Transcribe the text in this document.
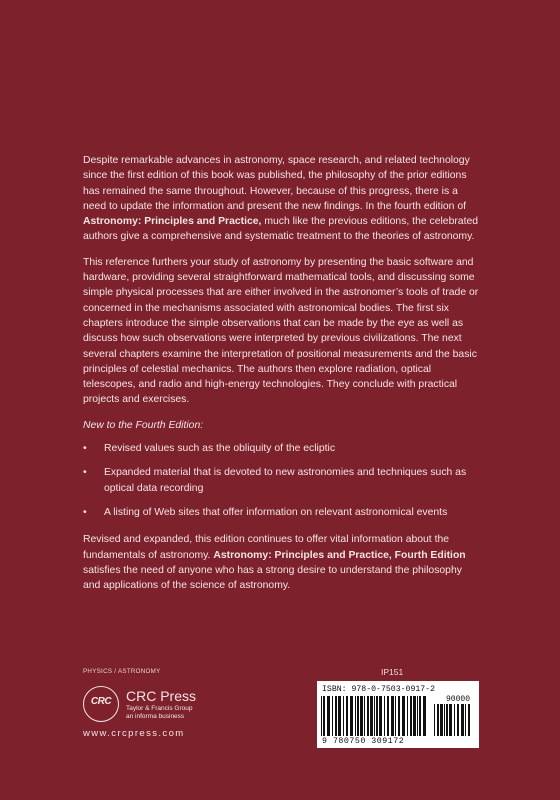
Despite remarkable advances in astronomy, space research, and related technology since the first edition of this book was published, the philosophy of the prior editions has remained the same throughout. However, because of this progress, there is a need to update the information and present the new findings. In the fourth edition of Astronomy: Principles and Practice, much like the previous editions, the celebrated authors give a comprehensive and systematic treatment to the theories of astronomy.

This reference furthers your study of astronomy by presenting the basic software and hardware, providing several straightforward mathematical tools, and discussing some simple physical processes that are either involved in the astronomer’s tools of trade or concerned in the mechanisms associated with astronomical bodies. The first six chapters introduce the simple observations that can be made by the eye as well as discuss how such observations were interpreted by previous civilizations. The next several chapters examine the interpretation of positional measurements and the basic principles of celestial mechanics. The authors then explore radiation, optical telescopes, and radio and high-energy technologies. They conclude with practical projects and exercises.

New to the Fourth Edition:

•	Revised values such as the obliquity of the ecliptic
•	Expanded material that is devoted to new astronomies and techniques such as optical data recording
•	A listing of Web sites that offer information on relevant astronomical events

Revised and expanded, this edition continues to offer vital information about the fundamentals of astronomy. Astronomy: Principles and Practice, Fourth Edition satisfies the need of anyone who has a strong desire to understand the philosophy and applications of the science of astronomy.

PHYSICS / ASTRONOMY
CRC CRC Press
Taylor & Francis Group
an informa business
www.crcpress.com
IP151
ISBN: 978-0-7503-0917-2
90000
9 780750 309172
